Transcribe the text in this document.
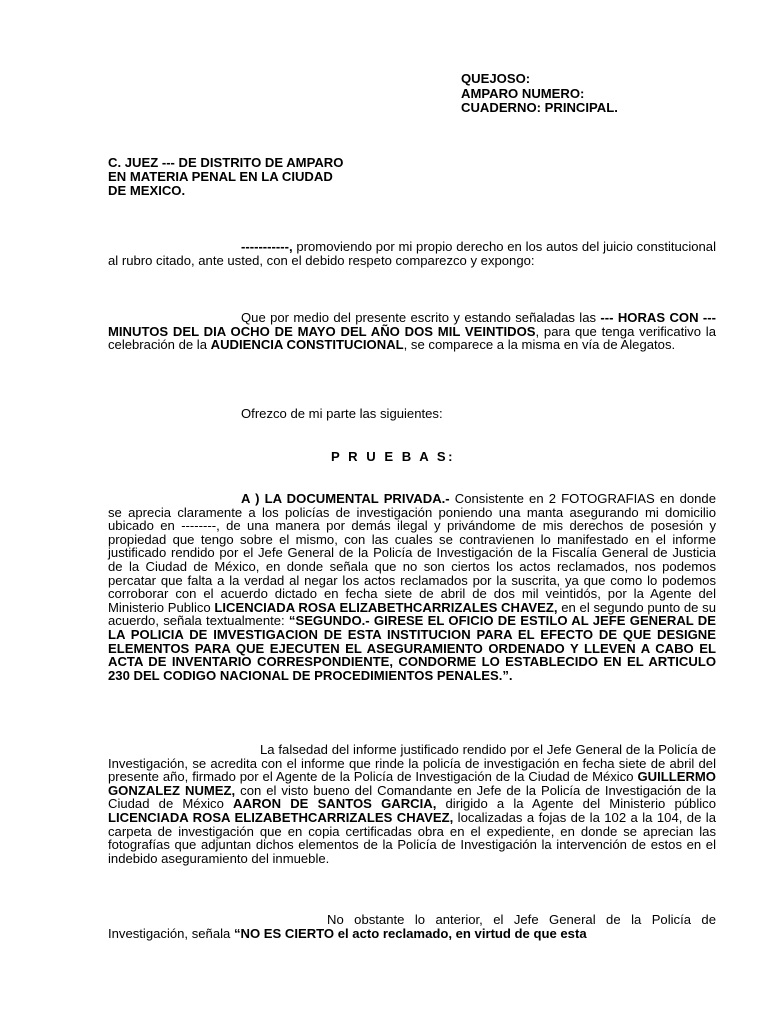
QUEJOSO:
AMPARO NUMERO:
CUADERNO: PRINCIPAL.
C. JUEZ --- DE DISTRITO DE AMPARO
EN MATERIA PENAL EN LA CIUDAD
DE MEXICO.
-----------, promoviendo por mi propio derecho en los autos del juicio constitucional al rubro citado, ante usted, con el debido respeto comparezco y expongo:
Que por medio del presente escrito y estando señaladas las --- HORAS CON --- MINUTOS DEL DIA OCHO DE MAYO DEL AÑO DOS MIL VEINTIDOS, para que tenga verificativo la celebración de la AUDIENCIA CONSTITUCIONAL, se comparece a la misma en vía de Alegatos.
Ofrezco de mi parte las siguientes:
P R U E B A S:
A ) LA DOCUMENTAL PRIVADA.- Consistente en 2 FOTOGRAFIAS en donde se aprecia claramente a los policías de investigación poniendo una manta asegurando mi domicilio ubicado en --------, de una manera por demás ilegal y privándome de mis derechos de posesión y propiedad que tengo sobre el mismo, con las cuales se contravienen lo manifestado en el informe justificado rendido por el Jefe General de la Policía de Investigación de la Fiscalía General de Justicia de la Ciudad de México, en donde señala que no son ciertos los actos reclamados, nos podemos percatar que falta a la verdad al negar los actos reclamados por la suscrita, ya que como lo podemos corroborar con el acuerdo dictado en fecha siete de abril de dos mil veintidós, por la Agente del Ministerio Publico LICENCIADA ROSA ELIZABETHCARRIZALES CHAVEZ, en el segundo punto de su acuerdo, señala textualmente: “SEGUNDO.- GIRESE EL OFICIO DE ESTILO AL JEFE GENERAL DE LA POLICIA DE IMVESTIGACION DE ESTA INSTITUCION PARA EL EFECTO DE QUE DESIGNE ELEMENTOS PARA QUE EJECUTEN EL ASEGURAMIENTO ORDENADO Y LLEVEN A CABO EL ACTA DE INVENTARIO CORRESPONDIENTE, CONDORME LO ESTABLECIDO EN EL ARTICULO 230 DEL CODIGO NACIONAL DE PROCEDIMIENTOS PENALES.”.
La falsedad del informe justificado rendido por el Jefe General de la Policía de Investigación, se acredita con el informe que rinde la policía de investigación en fecha siete de abril del presente año, firmado por el Agente de la Policía de Investigación de la Ciudad de México GUILLERMO GONZALEZ NUMEZ, con el visto bueno del Comandante en Jefe de la Policía de Investigación de la Ciudad de México AARON DE SANTOS GARCIA, dirigido a la Agente del Ministerio público LICENCIADA ROSA ELIZABETHCARRIZALES CHAVEZ, localizadas a fojas de la 102 a la 104, de la carpeta de investigación que en copia certificadas obra en el expediente, en donde se aprecian las fotografías que adjuntan dichos elementos de la Policía de Investigación la intervención de estos en el indebido aseguramiento del inmueble.
No obstante lo anterior, el Jefe General de la Policía de Investigación, señala “NO ES CIERTO el acto reclamado, en virtud de que esta
